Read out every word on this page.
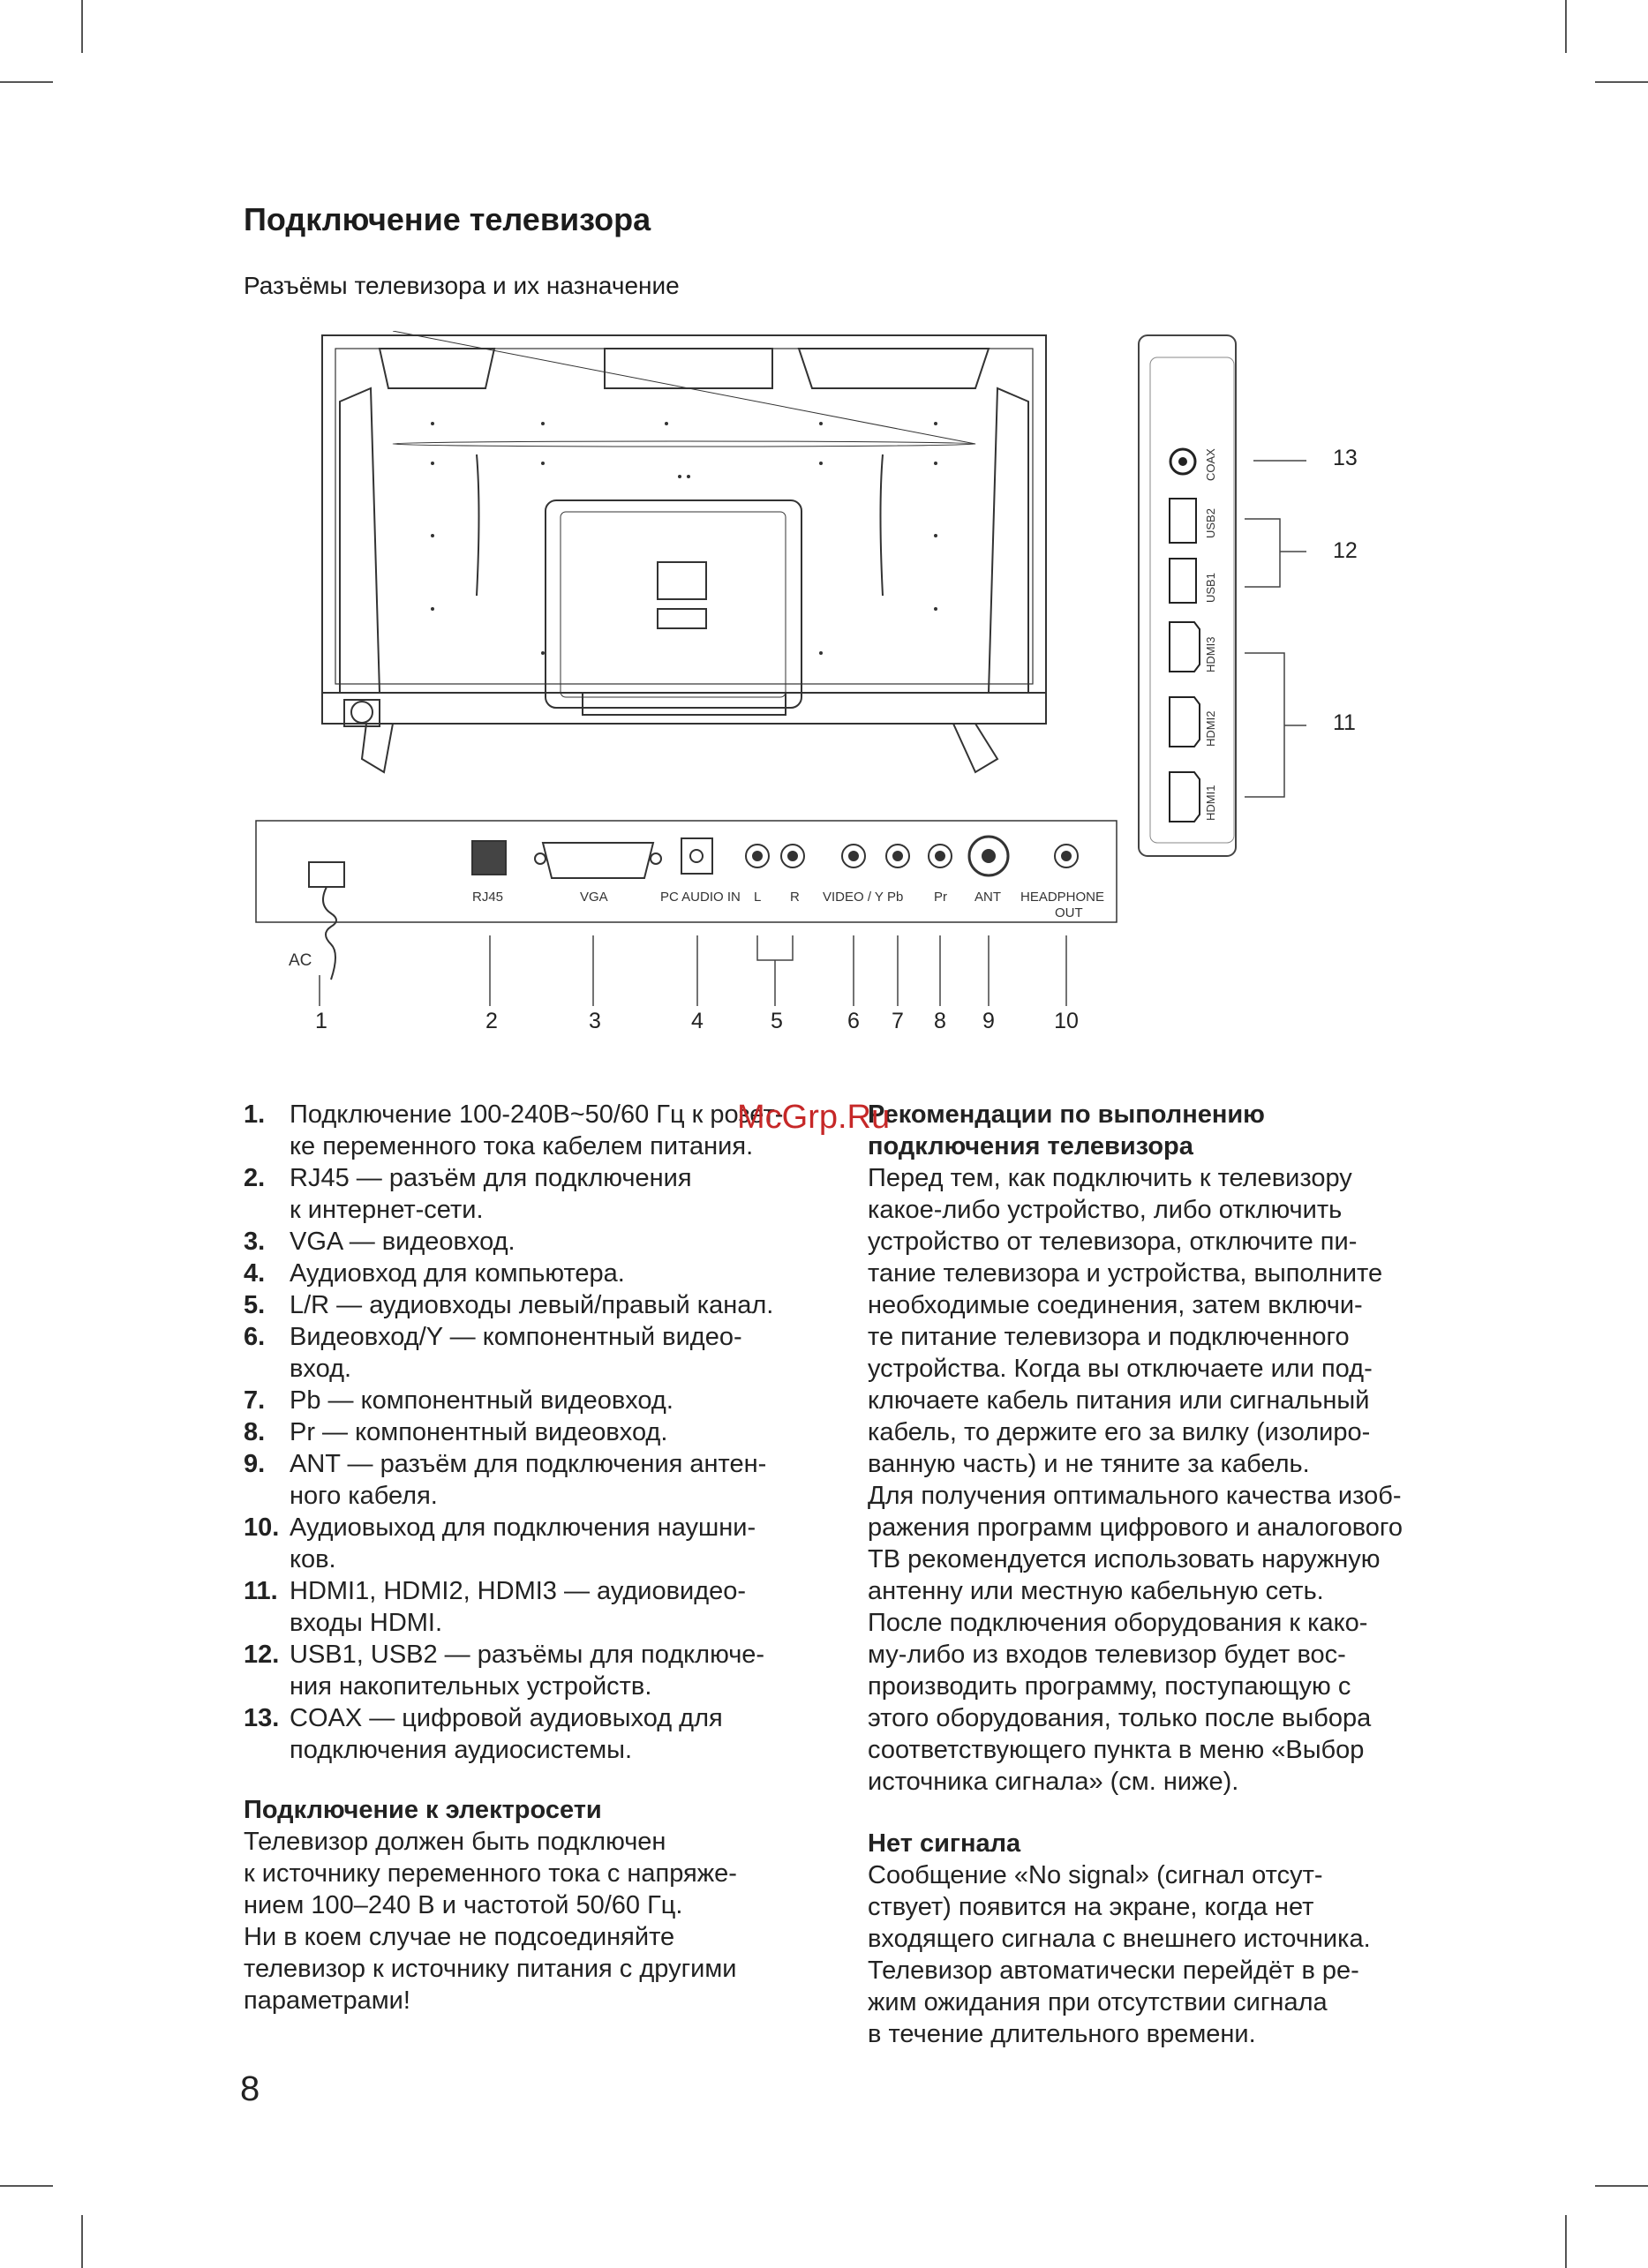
Подключение телевизора
Разъёмы телевизора и их назначение
COAX
USB2
USB1
HDMI3
HDMI2
HDMI1
13
12
11
AC
RJ45	VGA	PC AUDIO IN L R VIDEO / Y Pb Pr ANT HEADPHONE
OUT
1	2	3	4	5	6	7	8	9	10
1. Подключение 100-240В~50/60 Гц к розет-
ке переменного тока кабелем питания.
2. RJ45 — разъём для подключения
к интернет-сети.
3. VGA — видеовход.
4. Аудиовход для компьютера.
5. L/R — аудиовходы левый/правый канал.
6. Видеовход/Y — компонентный видео-
вход.
7. Pb — компонентный видеовход.
8. Pr — компонентный видеовход.
9. ANT — разъём для подключения антен-
ного кабеля.
10. Аудиовыход для подключения наушни-
ков.
11. HDMI1, HDMI2, HDMI3 — аудиовидео-
входы HDMI.
12. USB1, USB2 — разъёмы для подключе-
ния накопительных устройств.
13. COAX — цифровой аудиовыход для
подключения аудиосистемы.

Подключение к электросети

Телевизор должен быть подключен

к источнику переменного тока с напряже-

нием 100–240 В и частотой 50/60 Гц.

Ни в коем случае не подсоединяйте

телевизор к источнику питания с другими

параметрами!

Рекомендации по выполнению

подключения телевизора

Перед тем, как подключить к телевизору

какое-либо устройство, либо отключить

устройство от телевизора, отключите пи-

тание телевизора и устройства, выполните

необходимые соединения, затем включи-

те питание телевизора и подключенного

устройства. Когда вы отключаете или под-

ключаете кабель питания или сигнальный

кабель, то держите его за вилку (изолиро-

ванную часть) и не тяните за кабель.

Для получения оптимального качества изоб-

ражения программ цифрового и аналогового

ТВ рекомендуется использовать наружную

антенну или местную кабельную сеть.

После подключения оборудования к како-

му-либо из входов телевизор будет вос-

производить программу, поступающую с

этого оборудования, только после выбора

соответствующего пункта в меню «Выбор

источника сигнала» (см. ниже).

Нет сигнала

Сообщение «No signal» (сигнал отсут-

ствует) появится на экране, когда нет

входящего сигнала с внешнего источника.

Телевизор автоматически перейдёт в ре-

жим ожидания при отсутствии сигнала

в течение длительного времени.

McGrp.Ru
8
